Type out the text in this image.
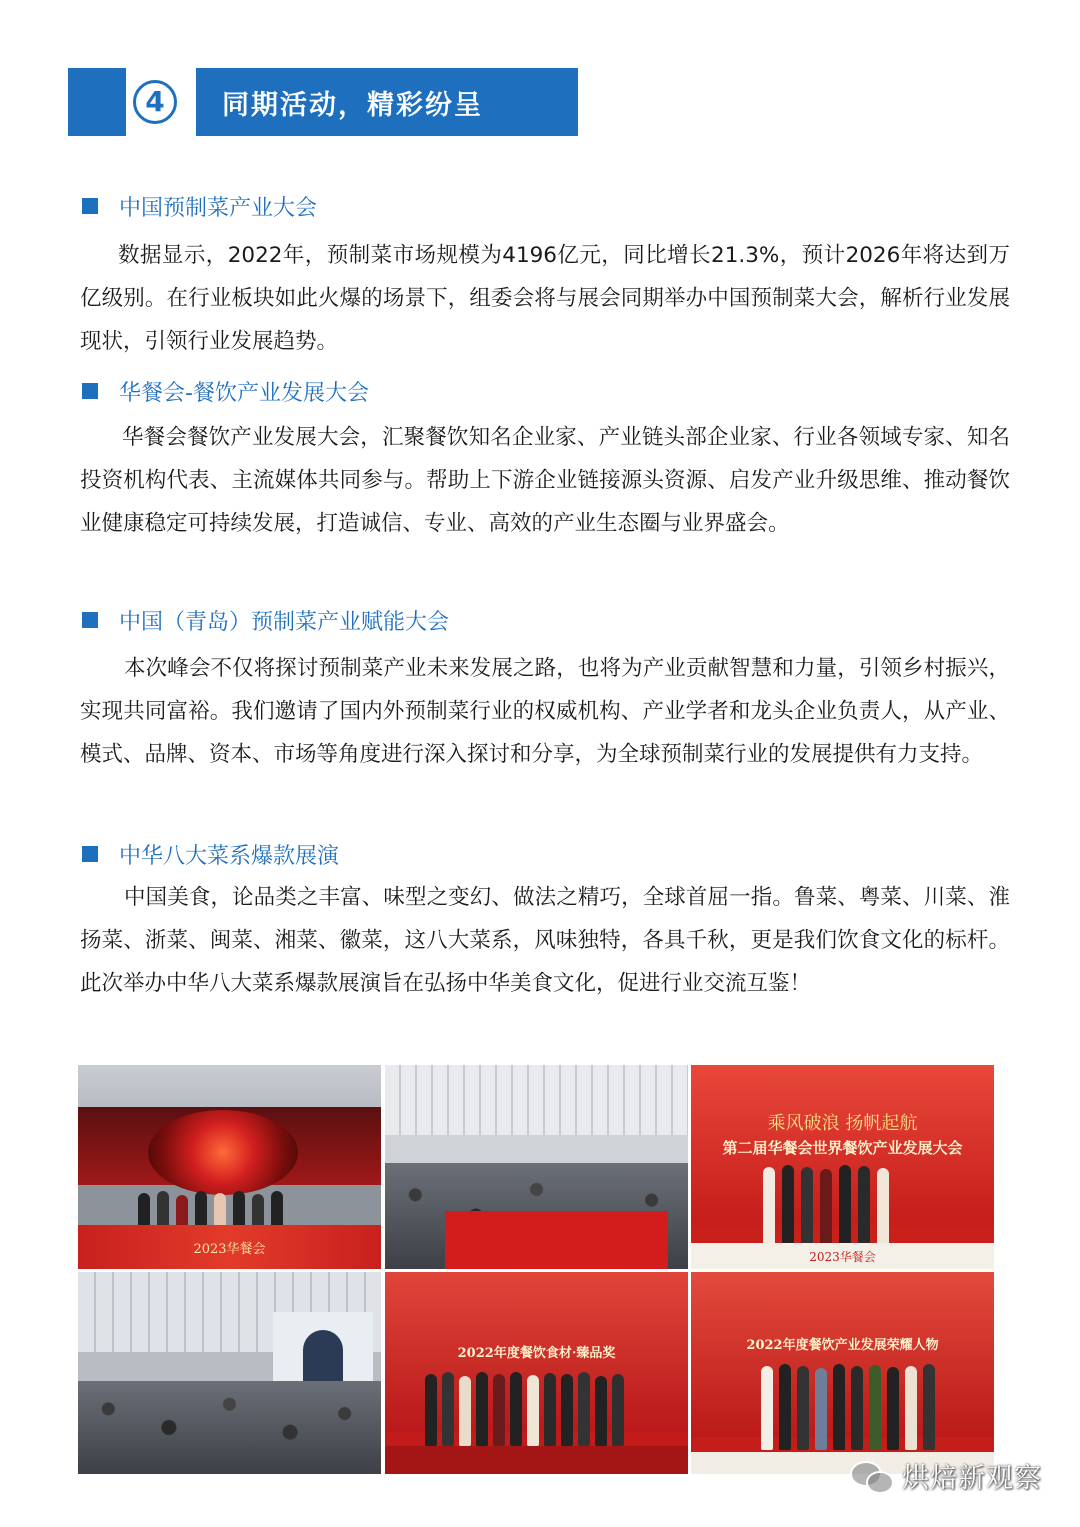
4	同期活动，精彩纷呈
中国预制菜产业大会

数据显示，2022年，预制菜市场规模为4196亿元，同比增长21.3%，预计2026年将达到万亿级别。在行业板块如此火爆的场景下，组委会将与展会同期举办中国预制菜大会，解析行业发展现状，引领行业发展趋势。

华餐会-餐饮产业发展大会

华餐会餐饮产业发展大会，汇聚餐饮知名企业家、产业链头部企业家、行业各领域专家、知名投资机构代表、主流媒体共同参与。帮助上下游企业链接源头资源、启发产业升级思维、推动餐饮业健康稳定可持续发展，打造诚信、专业、高效的产业生态圈与业界盛会。

中国（青岛）预制菜产业赋能大会

本次峰会不仅将探讨预制菜产业未来发展之路，也将为产业贡献智慧和力量，引领乡村振兴，实现共同富裕。我们邀请了国内外预制菜行业的权威机构、产业学者和龙头企业负责人，从产业、模式、品牌、资本、市场等角度进行深入探讨和分享，为全球预制菜行业的发展提供有力支持。

中华八大菜系爆款展演

中国美食，论品类之丰富、味型之变幻、做法之精巧，全球首屈一指。鲁菜、粤菜、川菜、淮扬菜、浙菜、闽菜、湘菜、徽菜，这八大菜系，风味独特，各具千秋，更是我们饮食文化的标杆。此次举办中华八大菜系爆款展演旨在弘扬中华美食文化，促进行业交流互鉴！

2023华餐会
乘风破浪 扬帆起航
第二届华餐会世界餐饮产业发展大会
2023华餐会
2022年度餐饮食材·臻品奖
2022年度餐饮产业发展荣耀人物
烘焙新观察
